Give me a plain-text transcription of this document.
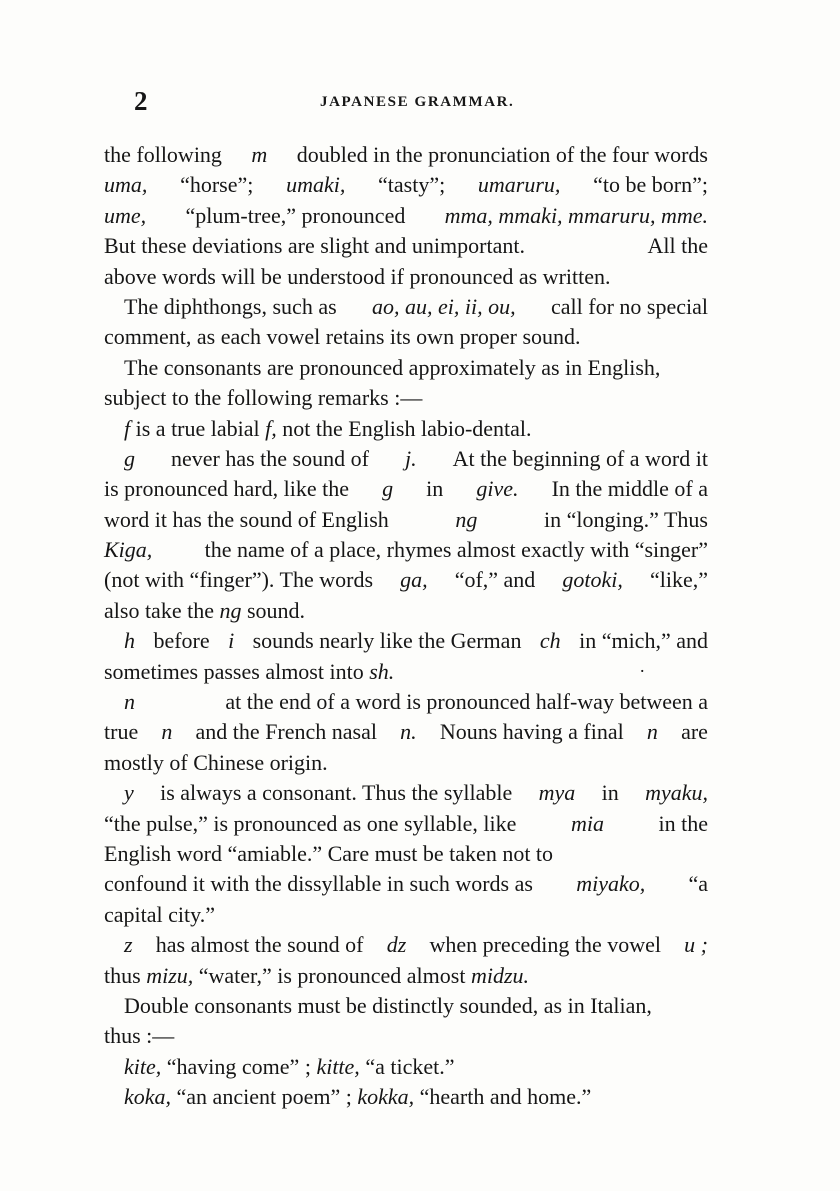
2	JAPANESE GRAMMAR.
the following m doubled in the pronunciation of the four words
uma, “horse”; umaki, “tasty”; umaruru, “to be born”;
ume, “plum-tree,” pronounced mma, mmaki, mmaruru, mme.
But these deviations are slight and unimportant.	All the
above words will be understood if pronounced as written.
The diphthongs, such as ao, au, ei, ii, ou, call for no special
comment, as each vowel retains its own proper sound.
The consonants are pronounced approximately as in English,
subject to the following remarks :—
f is a true labial f, not the English labio-dental.
g never has the sound of j. At the beginning of a word it
is pronounced hard, like the g in give. In the middle of a
word it has the sound of English	ng	in “longing.” Thus
Kiga, the name of a place, rhymes almost exactly with “singer”
(not with “finger”). The words ga, “of,” and gotoki, “like,”
also take the ng sound.
h before i sounds nearly like the German ch in “mich,” and
sometimes passes almost into sh.
n	at the end of a word is pronounced half-way between a
true n and the French nasal n. Nouns having a final n are
mostly of Chinese origin.
y is always a consonant. Thus the syllable mya in myaku,
“the pulse,” is pronounced as one syllable, like mia in the
English word “amiable.” Care must be taken not to
confound it with the dissyllable in such words as miyako, “a
capital city.”
z has almost the sound of dz when preceding the vowel u ;
thus mizu, “water,” is pronounced almost midzu.
Double consonants must be distinctly sounded, as in Italian,
thus :—
kite, “having come” ; kitte, “a ticket.”
koka, “an ancient poem” ; kokka, “hearth and home.”
.
